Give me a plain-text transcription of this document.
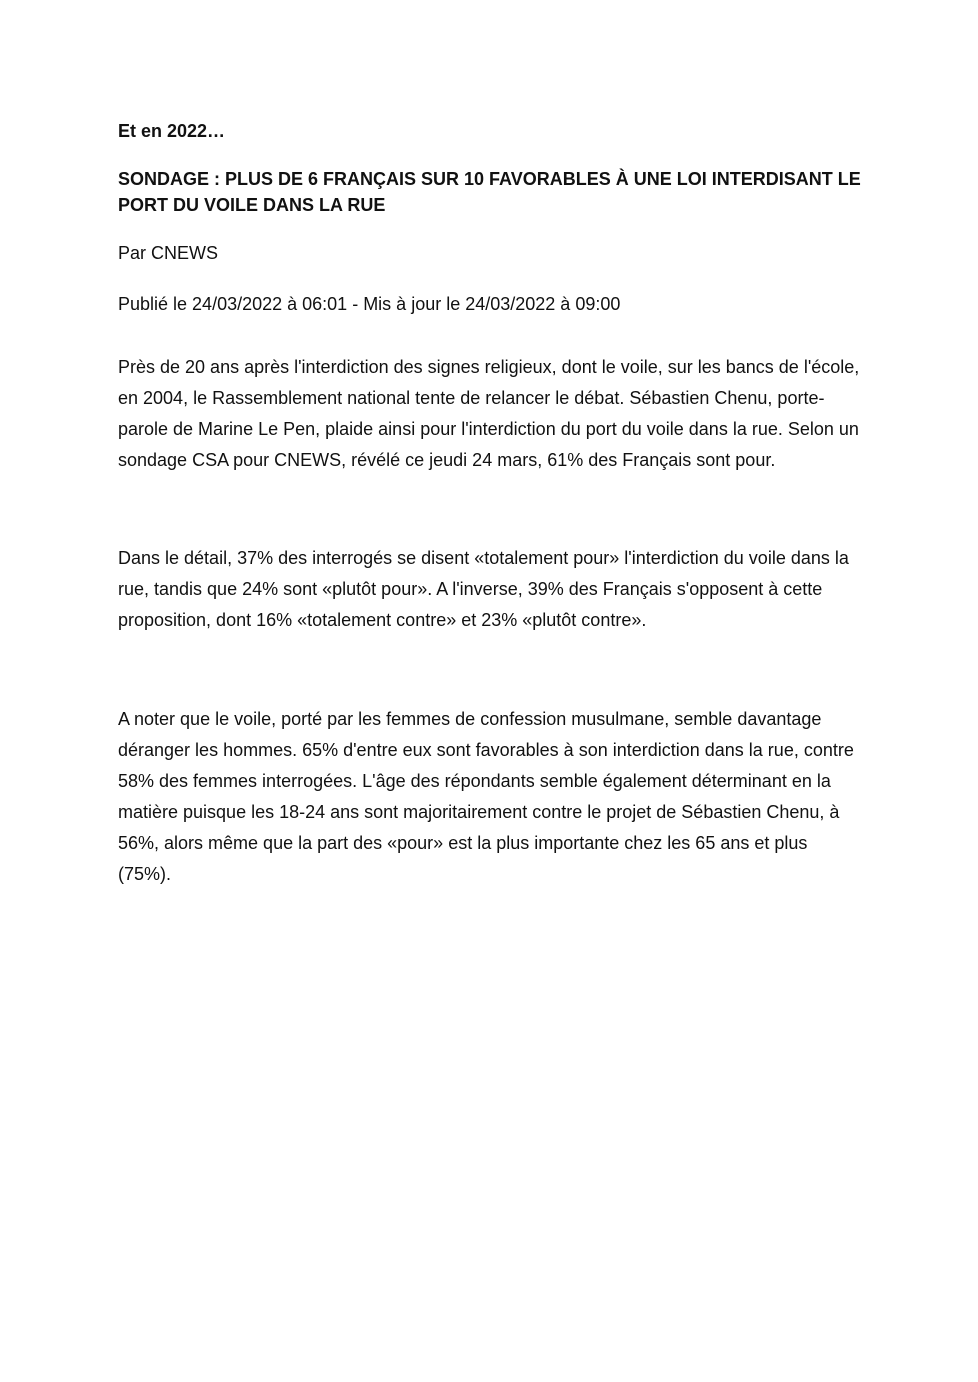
Et en 2022…

SONDAGE : PLUS DE 6 FRANÇAIS SUR 10 FAVORABLES À UNE LOI INTERDISANT LE PORT DU VOILE DANS LA RUE

Par CNEWS

Publié le 24/03/2022 à 06:01 - Mis à jour le 24/03/2022 à 09:00

Près de 20 ans après l'interdiction des signes religieux, dont le voile, sur les bancs de l'école, en 2004, le Rassemblement national tente de relancer le débat. Sébastien Chenu, porte-parole de Marine Le Pen, plaide ainsi pour l'interdiction du port du voile dans la rue. Selon un sondage CSA pour CNEWS, révélé ce jeudi 24 mars, 61% des Français sont pour.

Dans le détail, 37% des interrogés se disent «totalement pour» l'interdiction du voile dans la rue, tandis que 24% sont «plutôt pour». A l'inverse, 39% des Français s'opposent à cette proposition, dont 16% «totalement contre» et 23% «plutôt contre».

A noter que le voile, porté par les femmes de confession musulmane, semble davantage déranger les hommes. 65% d'entre eux sont favorables à son interdiction dans la rue, contre 58% des femmes interrogées. L'âge des répondants semble également déterminant en la matière puisque les 18-24 ans sont majoritairement contre le projet de Sébastien Chenu, à 56%, alors même que la part des «pour» est la plus importante chez les 65 ans et plus (75%).
